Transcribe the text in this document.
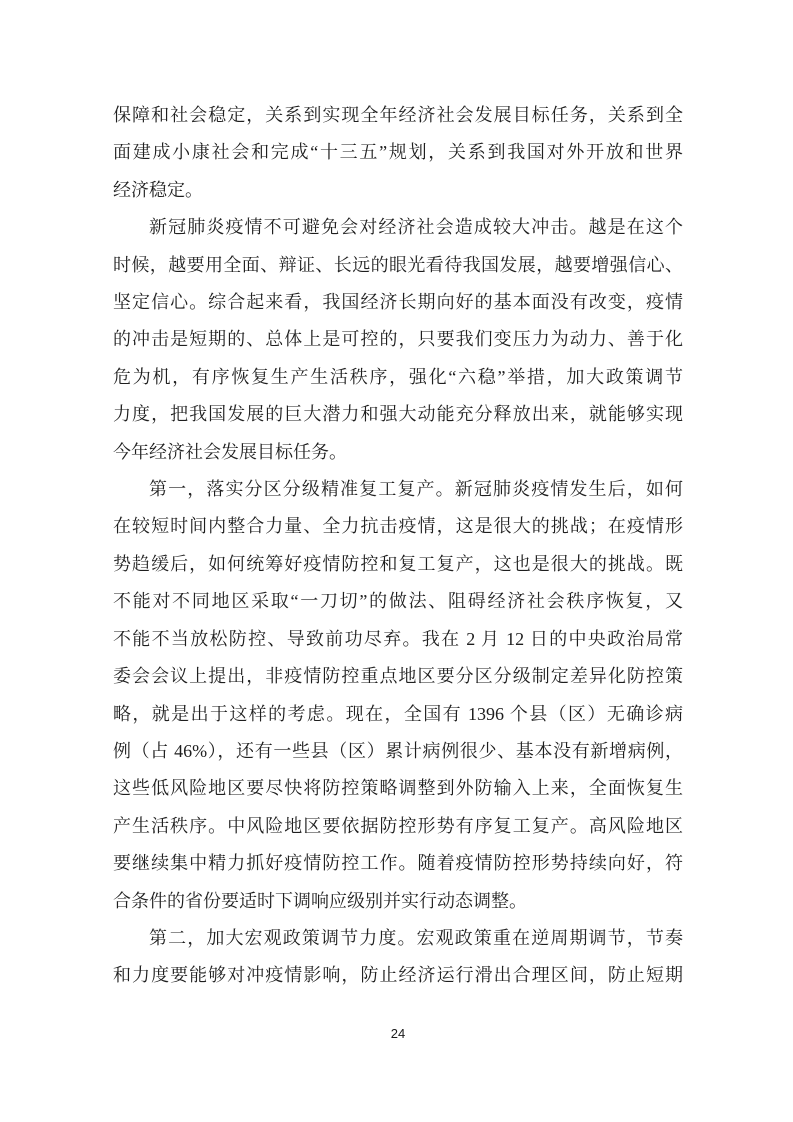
保障和社会稳定，关系到实现全年经济社会发展目标任务，关系到全
面建成小康社会和完成“十三五”规划，关系到我国对外开放和世界
经济稳定。
新冠肺炎疫情不可避免会对经济社会造成较大冲击。越是在这个
时候，越要用全面、辩证、长远的眼光看待我国发展，越要增强信心、
坚定信心。综合起来看，我国经济长期向好的基本面没有改变，疫情
的冲击是短期的、总体上是可控的，只要我们变压力为动力、善于化
危为机，有序恢复生产生活秩序，强化“六稳”举措，加大政策调节
力度，把我国发展的巨大潜力和强大动能充分释放出来，就能够实现
今年经济社会发展目标任务。
第一，落实分区分级精准复工复产。新冠肺炎疫情发生后，如何
在较短时间内整合力量、全力抗击疫情，这是很大的挑战；在疫情形
势趋缓后，如何统筹好疫情防控和复工复产，这也是很大的挑战。既
不能对不同地区采取“一刀切”的做法、阻碍经济社会秩序恢复，又
不能不当放松防控、导致前功尽弃。我在 2 月 12 日的中央政治局常
委会会议上提出，非疫情防控重点地区要分区分级制定差异化防控策
略，就是出于这样的考虑。现在，全国有 1396 个县（区）无确诊病
例（占 46%），还有一些县（区）累计病例很少、基本没有新增病例，
这些低风险地区要尽快将防控策略调整到外防输入上来，全面恢复生
产生活秩序。中风险地区要依据防控形势有序复工复产。高风险地区
要继续集中精力抓好疫情防控工作。随着疫情防控形势持续向好，符
合条件的省份要适时下调响应级别并实行动态调整。
第二，加大宏观政策调节力度。宏观政策重在逆周期调节，节奏
和力度要能够对冲疫情影响，防止经济运行滑出合理区间，防止短期
24
